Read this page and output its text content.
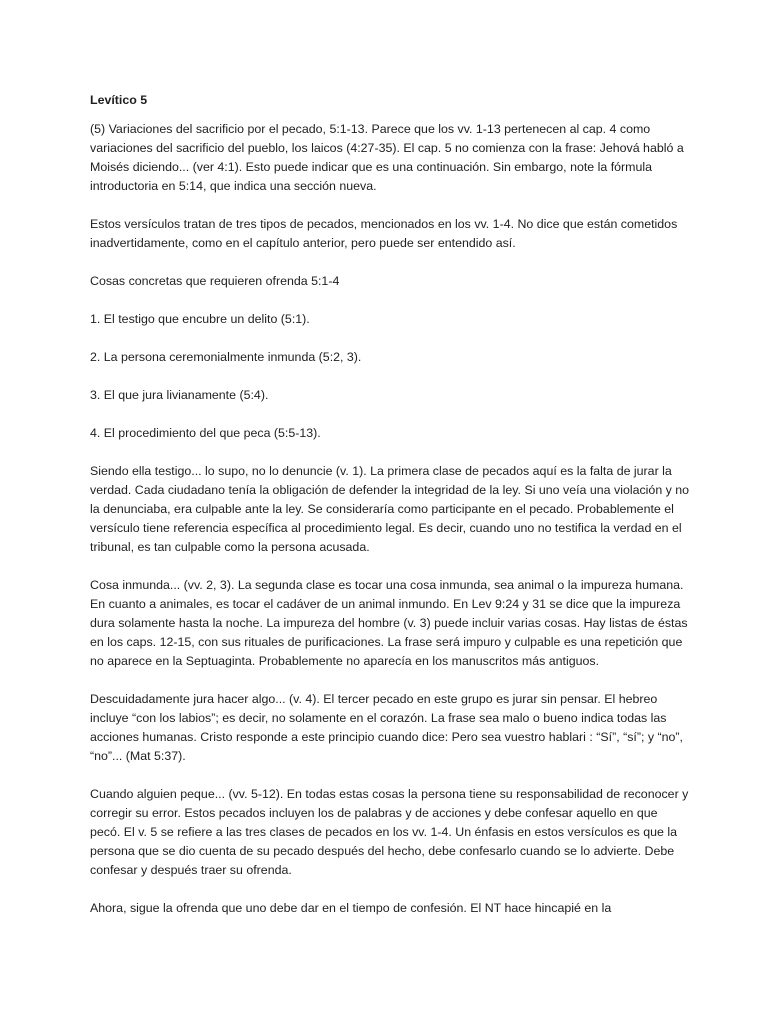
Levítico 5

(5) Variaciones del sacrificio por el pecado, 5:1-13. Parece que los vv. 1-13 pertenecen al cap. 4 como variaciones del sacrificio del pueblo, los laicos (4:27-35). El cap. 5 no comienza con la frase: Jehová habló a Moisés diciendo... (ver 4:1). Esto puede indicar que es una continuación. Sin embargo, note la fórmula introductoria en 5:14, que indica una sección nueva.

Estos versículos tratan de tres tipos de pecados, mencionados en los vv. 1-4. No dice que están cometidos inadvertidamente, como en el capítulo anterior, pero puede ser entendido así.

Cosas concretas que requieren ofrenda 5:1-4

1. El testigo que encubre un delito (5:1).

2. La persona ceremonialmente inmunda (5:2, 3).

3. El que jura livianamente (5:4).

4. El procedimiento del que peca (5:5-13).

Siendo ella testigo... lo supo, no lo denuncie (v. 1). La primera clase de pecados aquí es la falta de jurar la verdad. Cada ciudadano tenía la obligación de defender la integridad de la ley. Si uno veía una violación y no la denunciaba, era culpable ante la ley. Se consideraría como participante en el pecado. Probablemente el versículo tiene referencia específica al procedimiento legal. Es decir, cuando uno no testifica la verdad en el tribunal, es tan culpable como la persona acusada.

Cosa inmunda... (vv. 2, 3). La segunda clase es tocar una cosa inmunda, sea animal o la impureza humana. En cuanto a animales, es tocar el cadáver de un animal inmundo. En Lev 9:24 y 31 se dice que la impureza dura solamente hasta la noche. La impureza del hombre (v. 3) puede incluir varias cosas. Hay listas de éstas en los caps. 12-15, con sus rituales de purificaciones. La frase será impuro y culpable es una repetición que no aparece en la Septuaginta. Probablemente no aparecía en los manuscritos más antiguos.

Descuidadamente jura hacer algo... (v. 4). El tercer pecado en este grupo es jurar sin pensar. El hebreo incluye “con los labios”; es decir, no solamente en el corazón. La frase sea malo o bueno indica todas las acciones humanas. Cristo responde a este principio cuando dice: Pero sea vuestro hablari : “Sí”, “sí”; y “no”, “no”... (Mat 5:37).

Cuando alguien peque... (vv. 5-12). En todas estas cosas la persona tiene su responsabilidad de reconocer y corregir su error. Estos pecados incluyen los de palabras y de acciones y debe confesar aquello en que pecó. El v. 5 se refiere a las tres clases de pecados en los vv. 1-4. Un énfasis en estos versículos es que la persona que se dio cuenta de su pecado después del hecho, debe confesarlo cuando se lo advierte. Debe confesar y después traer su ofrenda.

Ahora, sigue la ofrenda que uno debe dar en el tiempo de confesión. El NT hace hincapié en la
